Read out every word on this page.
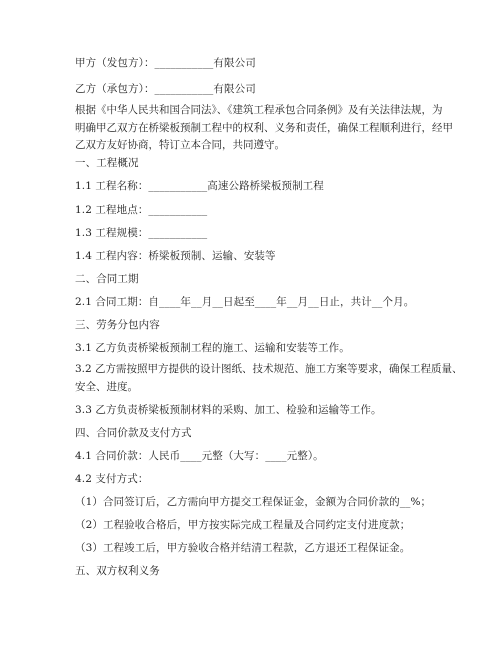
甲方（发包方）：___________有限公司
乙方（承包方）：___________有限公司
根据《中华人民共和国合同法》、《建筑工程承包合同条例》及有关法律法规，为
明确甲乙双方在桥梁板预制工程中的权利、义务和责任，确保工程顺利进行，经甲
乙双方友好协商，特订立本合同，共同遵守。
一、工程概况
1.1 工程名称：___________高速公路桥梁板预制工程
1.2 工程地点：___________
1.3 工程规模：___________
1.4 工程内容：桥梁板预制、运输、安装等
二、合同工期
2.1 合同工期：自____年__月__日起至____年__月__日止，共计__个月。
三、劳务分包内容
3.1 乙方负责桥梁板预制工程的施工、运输和安装等工作。
3.2 乙方需按照甲方提供的设计图纸、技术规范、施工方案等要求，确保工程质量、
安全、进度。
3.3 乙方负责桥梁板预制材料的采购、加工、检验和运输等工作。
四、合同价款及支付方式
4.1 合同价款：人民币____元整（大写：____元整）。
4.2 支付方式：
（1）合同签订后，乙方需向甲方提交工程保证金，金额为合同价款的__%；
（2）工程验收合格后，甲方按实际完成工程量及合同约定支付进度款；
（3）工程竣工后，甲方验收合格并结清工程款，乙方退还工程保证金。
五、双方权利义务
